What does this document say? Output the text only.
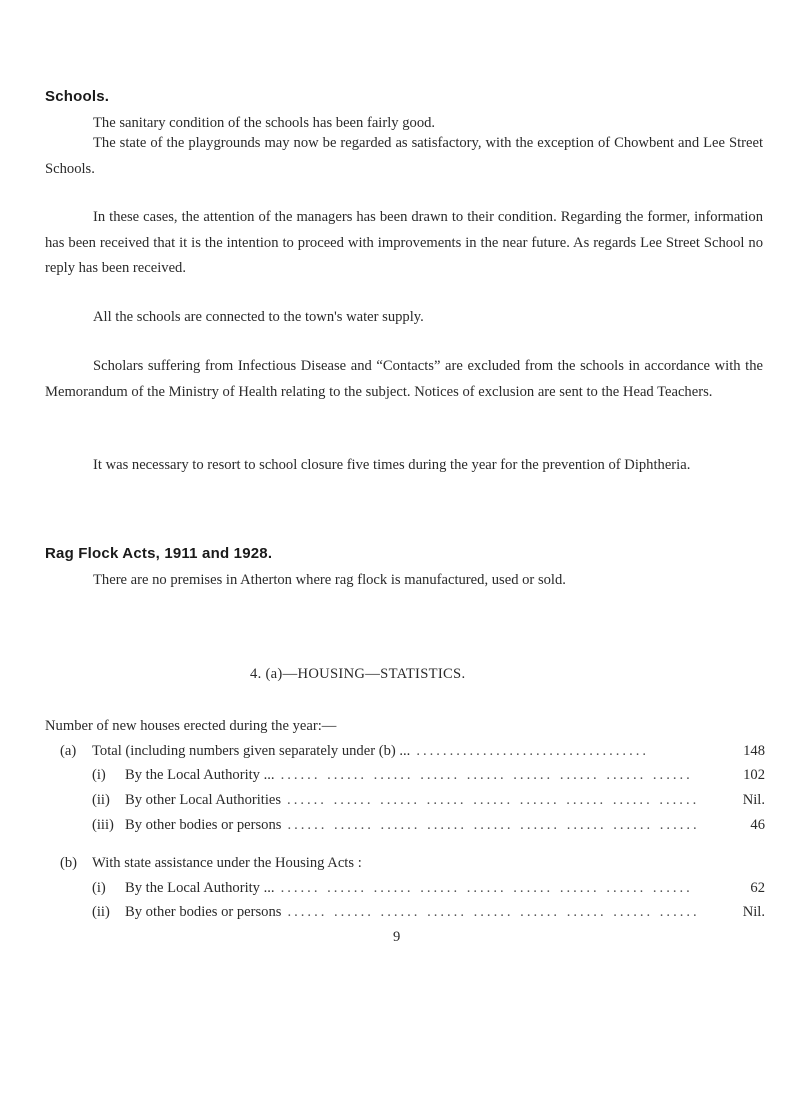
Schools.
The sanitary condition of the schools has been fairly good.
The state of the playgrounds may now be regarded as satisfactory, with the exception of Chowbent and Lee Street Schools.
In these cases, the attention of the managers has been drawn to their condition. Regarding the former, information has been received that it is the intention to proceed with improvements in the near future. As regards Lee Street School no reply has been received.
All the schools are connected to the town's water supply.
Scholars suffering from Infectious Disease and “Contacts” are excluded from the schools in accordance with the Memorandum of the Ministry of Health relating to the subject. Notices of exclusion are sent to the Head Teachers.
It was necessary to resort to school closure five times during the year for the prevention of Diphtheria.
Rag Flock Acts, 1911 and 1928.
There are no premises in Atherton where rag flock is manufactured, used or sold.
4. (a)—HOUSING—STATISTICS.
Number of new houses erected during the year:—
(a)	Total (including numbers given separately under (b) ... ...................................	148
(i)	By the Local Authority ... ...... ...... ...... ...... ...... ...... ...... ...... ......	102
(ii)	By other Local Authorities ...... ...... ...... ...... ...... ...... ...... ...... ......	Nil.
(iii) By other bodies or persons ...... ...... ...... ...... ...... ...... ...... ...... ......	46
(b)	With state assistance under the Housing Acts :
(i)	By the Local Authority ... ...... ...... ...... ...... ...... ...... ...... ...... ......	62
(ii)	By other bodies or persons ...... ...... ...... ...... ...... ...... ...... ...... ......	Nil.
9
